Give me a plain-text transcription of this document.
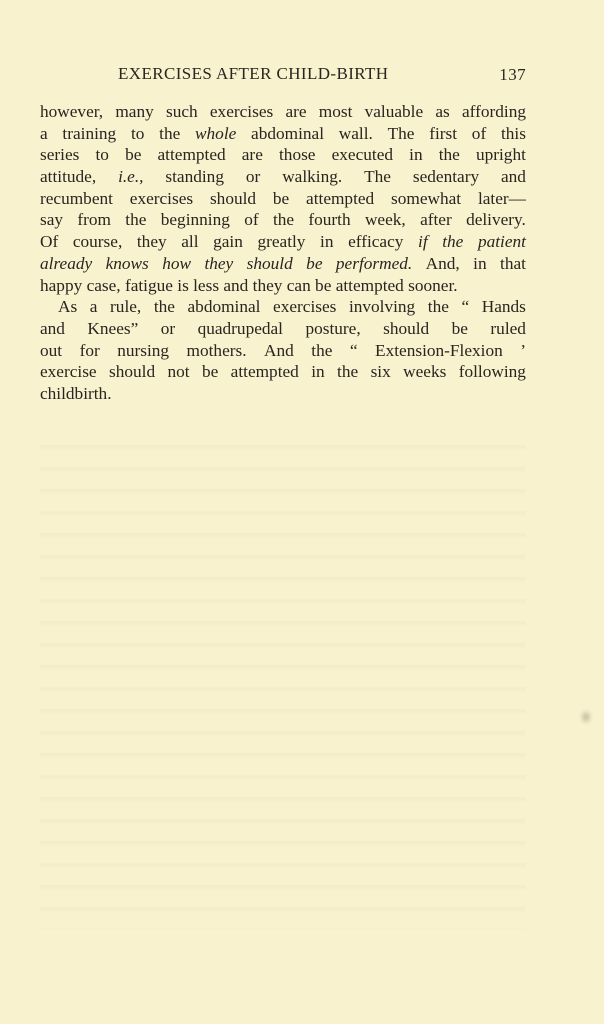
EXERCISES AFTER CHILD-BIRTH	137
however, many such exercises are most valuable as affording
a training to the whole abdominal wall. The first of this
series to be attempted are those executed in the upright
attitude, i.e., standing or walking. The sedentary and
recumbent exercises should be attempted somewhat later—
say from the beginning of the fourth week, after delivery.
Of course, they all gain greatly in efficacy if the patient
already knows how they should be performed. And, in that
happy case, fatigue is less and they can be attempted sooner.
As a rule, the abdominal exercises involving the “ Hands
and Knees” or quadrupedal posture, should be ruled
out for nursing mothers. And the “ Extension-Flexion ’
exercise should not be attempted in the six weeks following
childbirth.
